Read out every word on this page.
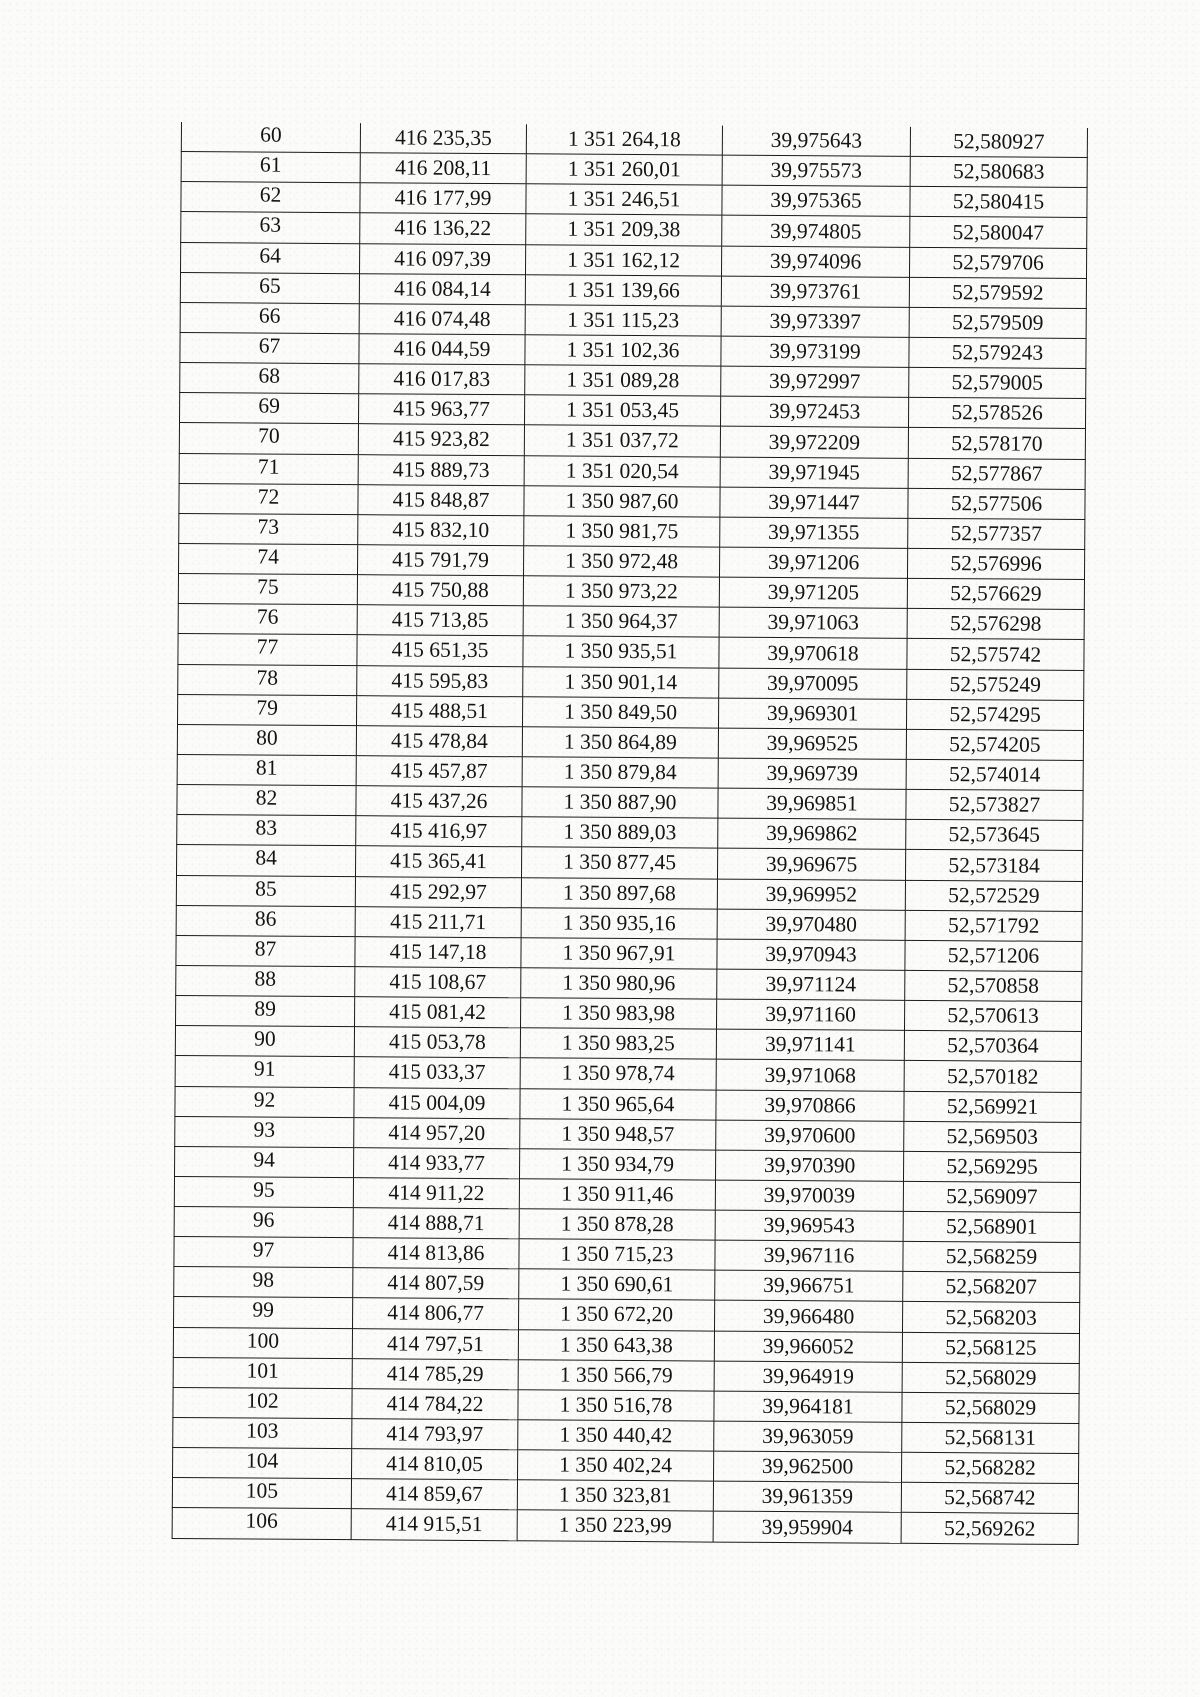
60	416 235,35	1 351 264,18	39,975643	52,580927
61	416 208,11	1 351 260,01	39,975573	52,580683
62	416 177,99	1 351 246,51	39,975365	52,580415
63	416 136,22	1 351 209,38	39,974805	52,580047
64	416 097,39	1 351 162,12	39,974096	52,579706
65	416 084,14	1 351 139,66	39,973761	52,579592
66	416 074,48	1 351 115,23	39,973397	52,579509
67	416 044,59	1 351 102,36	39,973199	52,579243
68	416 017,83	1 351 089,28	39,972997	52,579005
69	415 963,77	1 351 053,45	39,972453	52,578526
70	415 923,82	1 351 037,72	39,972209	52,578170
71	415 889,73	1 351 020,54	39,971945	52,577867
72	415 848,87	1 350 987,60	39,971447	52,577506
73	415 832,10	1 350 981,75	39,971355	52,577357
74	415 791,79	1 350 972,48	39,971206	52,576996
75	415 750,88	1 350 973,22	39,971205	52,576629
76	415 713,85	1 350 964,37	39,971063	52,576298
77	415 651,35	1 350 935,51	39,970618	52,575742
78	415 595,83	1 350 901,14	39,970095	52,575249
79	415 488,51	1 350 849,50	39,969301	52,574295
80	415 478,84	1 350 864,89	39,969525	52,574205
81	415 457,87	1 350 879,84	39,969739	52,574014
82	415 437,26	1 350 887,90	39,969851	52,573827
83	415 416,97	1 350 889,03	39,969862	52,573645
84	415 365,41	1 350 877,45	39,969675	52,573184
85	415 292,97	1 350 897,68	39,969952	52,572529
86	415 211,71	1 350 935,16	39,970480	52,571792
87	415 147,18	1 350 967,91	39,970943	52,571206
88	415 108,67	1 350 980,96	39,971124	52,570858
89	415 081,42	1 350 983,98	39,971160	52,570613
90	415 053,78	1 350 983,25	39,971141	52,570364
91	415 033,37	1 350 978,74	39,971068	52,570182
92	415 004,09	1 350 965,64	39,970866	52,569921
93	414 957,20	1 350 948,57	39,970600	52,569503
94	414 933,77	1 350 934,79	39,970390	52,569295
95	414 911,22	1 350 911,46	39,970039	52,569097
96	414 888,71	1 350 878,28	39,969543	52,568901
97	414 813,86	1 350 715,23	39,967116	52,568259
98	414 807,59	1 350 690,61	39,966751	52,568207
99	414 806,77	1 350 672,20	39,966480	52,568203
100	414 797,51	1 350 643,38	39,966052	52,568125
101	414 785,29	1 350 566,79	39,964919	52,568029
102	414 784,22	1 350 516,78	39,964181	52,568029
103	414 793,97	1 350 440,42	39,963059	52,568131
104	414 810,05	1 350 402,24	39,962500	52,568282
105	414 859,67	1 350 323,81	39,961359	52,568742
106	414 915,51	1 350 223,99	39,959904	52,569262
